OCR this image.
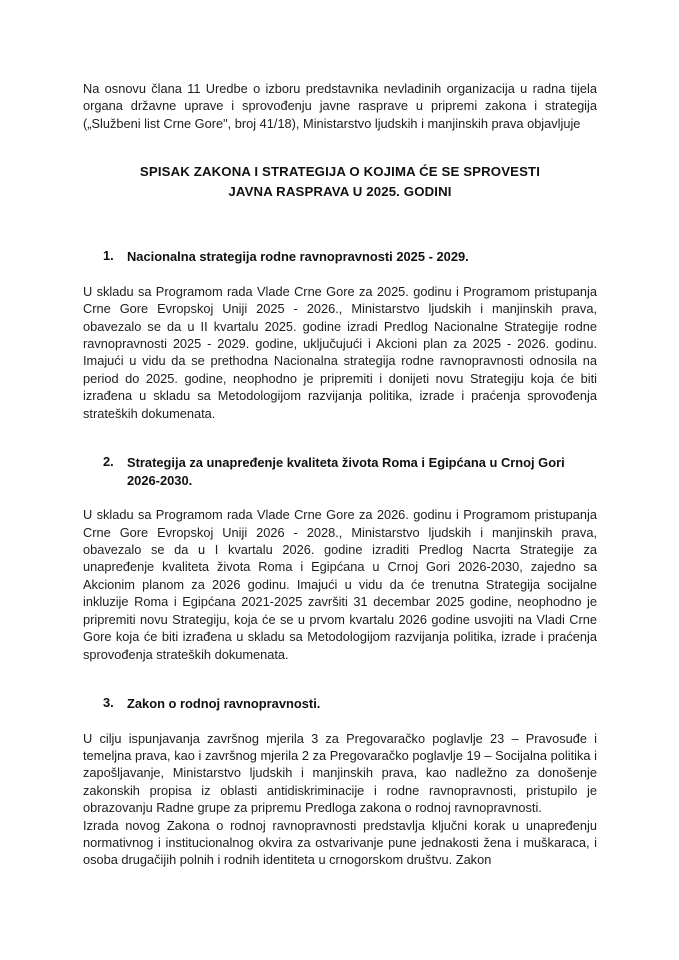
Na osnovu člana 11 Uredbe o izboru predstavnika nevladinih organizacija u radna tijela organa državne uprave i sprovođenju javne rasprave u pripremi zakona i strategija („Službeni list Crne Gore", broj 41/18), Ministarstvo ljudskih i manjinskih prava objavljuje

SPISAK ZAKONA I STRATEGIJA O KOJIMA ĆE SE SPROVESTI
JAVNA RASPRAVA U 2025. GODINI
1. Nacionalna strategija rodne ravnopravnosti 2025 - 2029.

U skladu sa Programom rada Vlade Crne Gore za 2025. godinu i Programom pristupanja Crne Gore Evropskoj Uniji 2025 - 2026., Ministarstvo ljudskih i manjinskih prava, obavezalo se da u II kvartalu 2025. godine izradi Predlog Nacionalne Strategije rodne ravnopravnosti 2025 - 2029. godine, uključujući i Akcioni plan za 2025 - 2026. godinu. Imajući u vidu da se prethodna Nacionalna strategija rodne ravnopravnosti odnosila na period do 2025. godine, neophodno je pripremiti i donijeti novu Strategiju koja će biti izrađena u skladu sa Metodologijom razvijanja politika, izrade i praćenja sprovođenja strateških dokumenata.

2. Strategija za unapređenje kvaliteta života Roma i Egipćana u Crnoj Gori 2026-2030.

U skladu sa Programom rada Vlade Crne Gore za 2026. godinu i Programom pristupanja Crne Gore Evropskoj Uniji 2026 - 2028., Ministarstvo ljudskih i manjinskih prava, obavezalo se da u I kvartalu 2026. godine izraditi Predlog Nacrta Strategije za unapređenje kvaliteta života Roma i Egipćana u Crnoj Gori 2026-2030, zajedno sa Akcionim planom za 2026 godinu. Imajući u vidu da će trenutna Strategija socijalne inkluzije Roma i Egipćana 2021-2025 završiti 31 decembar 2025 godine, neophodno je pripremiti novu Strategiju, koja će se u prvom kvartalu 2026 godine usvojiti na Vladi Crne Gore koja će biti izrađena u skladu sa Metodologijom razvijanja politika, izrade i praćenja sprovođenja strateških dokumenata.

3. Zakon o rodnoj ravnopravnosti.

U cilju ispunjavanja završnog mjerila 3 za Pregovaračko poglavlje 23 – Pravosuđe i temeljna prava, kao i završnog mjerila 2 za Pregovaračko poglavlje 19 – Socijalna politika i zapošljavanje, Ministarstvo ljudskih i manjinskih prava, kao nadležno za donošenje zakonskih propisa iz oblasti antidiskriminacije i rodne ravnopravnosti, pristupilo je obrazovanju Radne grupe za pripremu Predloga zakona o rodnoj ravnopravnosti.

Izrada novog Zakona o rodnoj ravnopravnosti predstavlja ključni korak u unapređenju normativnog i institucionalnog okvira za ostvarivanje pune jednakosti žena i muškaraca, i osoba drugačijih polnih i rodnih identiteta u crnogorskom društvu. Zakon
